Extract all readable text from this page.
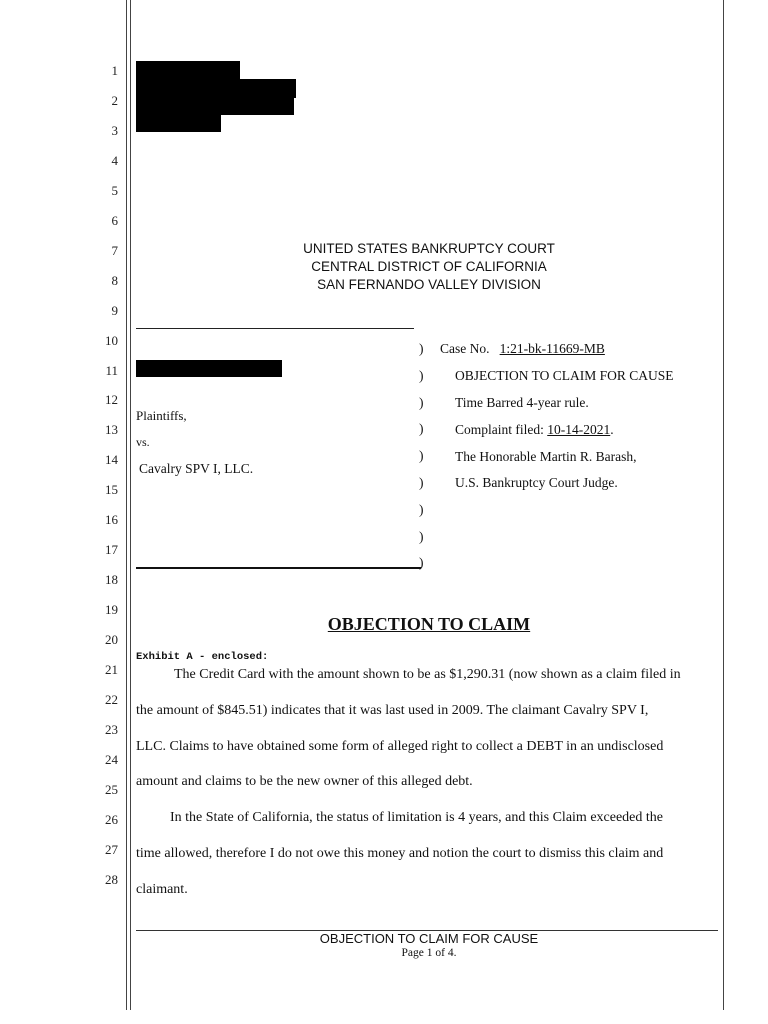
1
2
3
4
5
6
7
8
9
10
11
12
13
14
15
16
17
18
19
20
21
22
23
24
25
26
27
28
UNITED STATES BANKRUPTCY COURT
CENTRAL DISTRICT OF CALIFORNIA
SAN FERNANDO VALLEY DIVISION
Plaintiffs,
vs.
Cavalry SPV I, LLC.
)
)
)
)
)
)
)
)
)
Case No. 1:21-bk-11669-MB
OBJECTION TO CLAIM FOR CAUSE
Time Barred 4-year rule.
Complaint filed: 10-14-2021.
The Honorable Martin R. Barash,
U.S. Bankruptcy Court Judge.
OBJECTION TO CLAIM
Exhibit A - enclosed:
The Credit Card with the amount shown to be as $1,290.31 (now shown as a claim filed in
the amount of $845.51) indicates that it was last used in 2009. The claimant Cavalry SPV I,
LLC. Claims to have obtained some form of alleged right to collect a DEBT in an undisclosed
amount and claims to be the new owner of this alleged debt.
In the State of California, the status of limitation is 4 years, and this Claim exceeded the
time allowed, therefore I do not owe this money and notion the court to dismiss this claim and
claimant.
OBJECTION TO CLAIM FOR CAUSE
Page 1 of 4.
